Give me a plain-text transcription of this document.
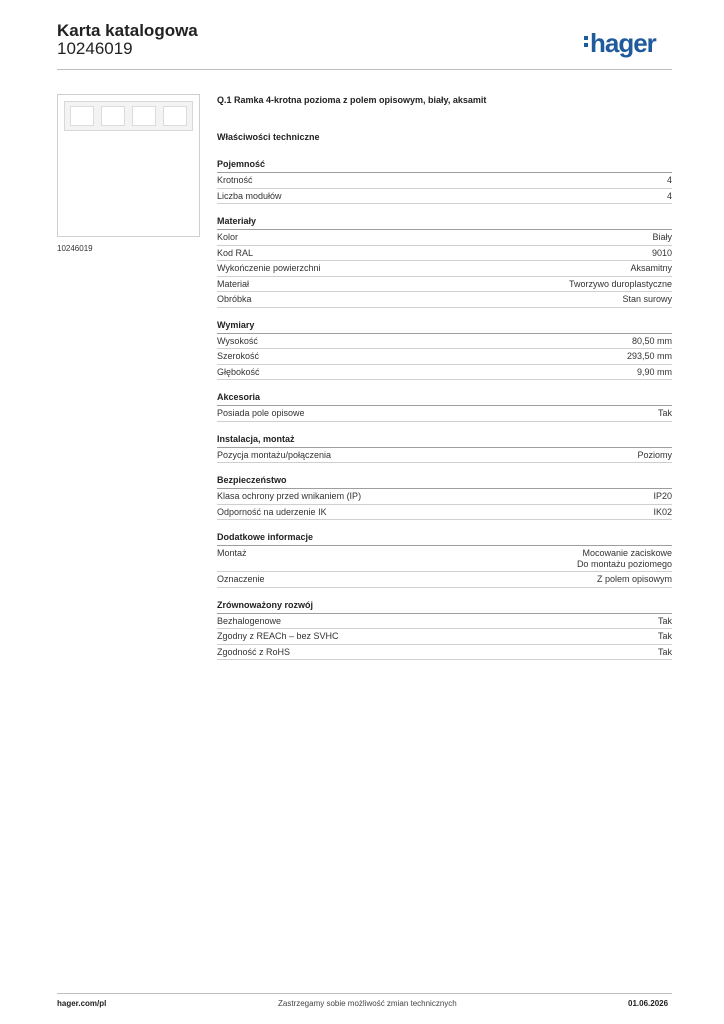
Karta katalogowa
10246019	hager
10246019
Q.1 Ramka 4-krotna pozioma z polem opisowym, biały, aksamit
Właściwości techniczne
Pojemność
Krotność	4
Liczba modułów	4
Materiały
Kolor	Biały
Kod RAL	9010
Wykończenie powierzchni	Aksamitny
Materiał	Tworzywo duroplastyczne
Obróbka	Stan surowy
Wymiary
Wysokość	80,50 mm
Szerokość	293,50 mm
Głębokość	9,90 mm
Akcesoria
Posiada pole opisowe	Tak
Instalacja, montaż
Pozycja montażu/połączenia	Poziomy
Bezpieczeństwo
Klasa ochrony przed wnikaniem (IP)	IP20
Odporność na uderzenie IK	IK02
Dodatkowe informacje
Montaż	Mocowanie zaciskowe
Do montażu poziomego
Oznaczenie	Z polem opisowym
Zrównoważony rozwój
Bezhalogenowe	Tak
Zgodny z REACh – bez SVHC	Tak
Zgodność z RoHS	Tak
hager.com/pl	Zastrzegamy sobie możliwość zmian technicznych	01.06.2026
